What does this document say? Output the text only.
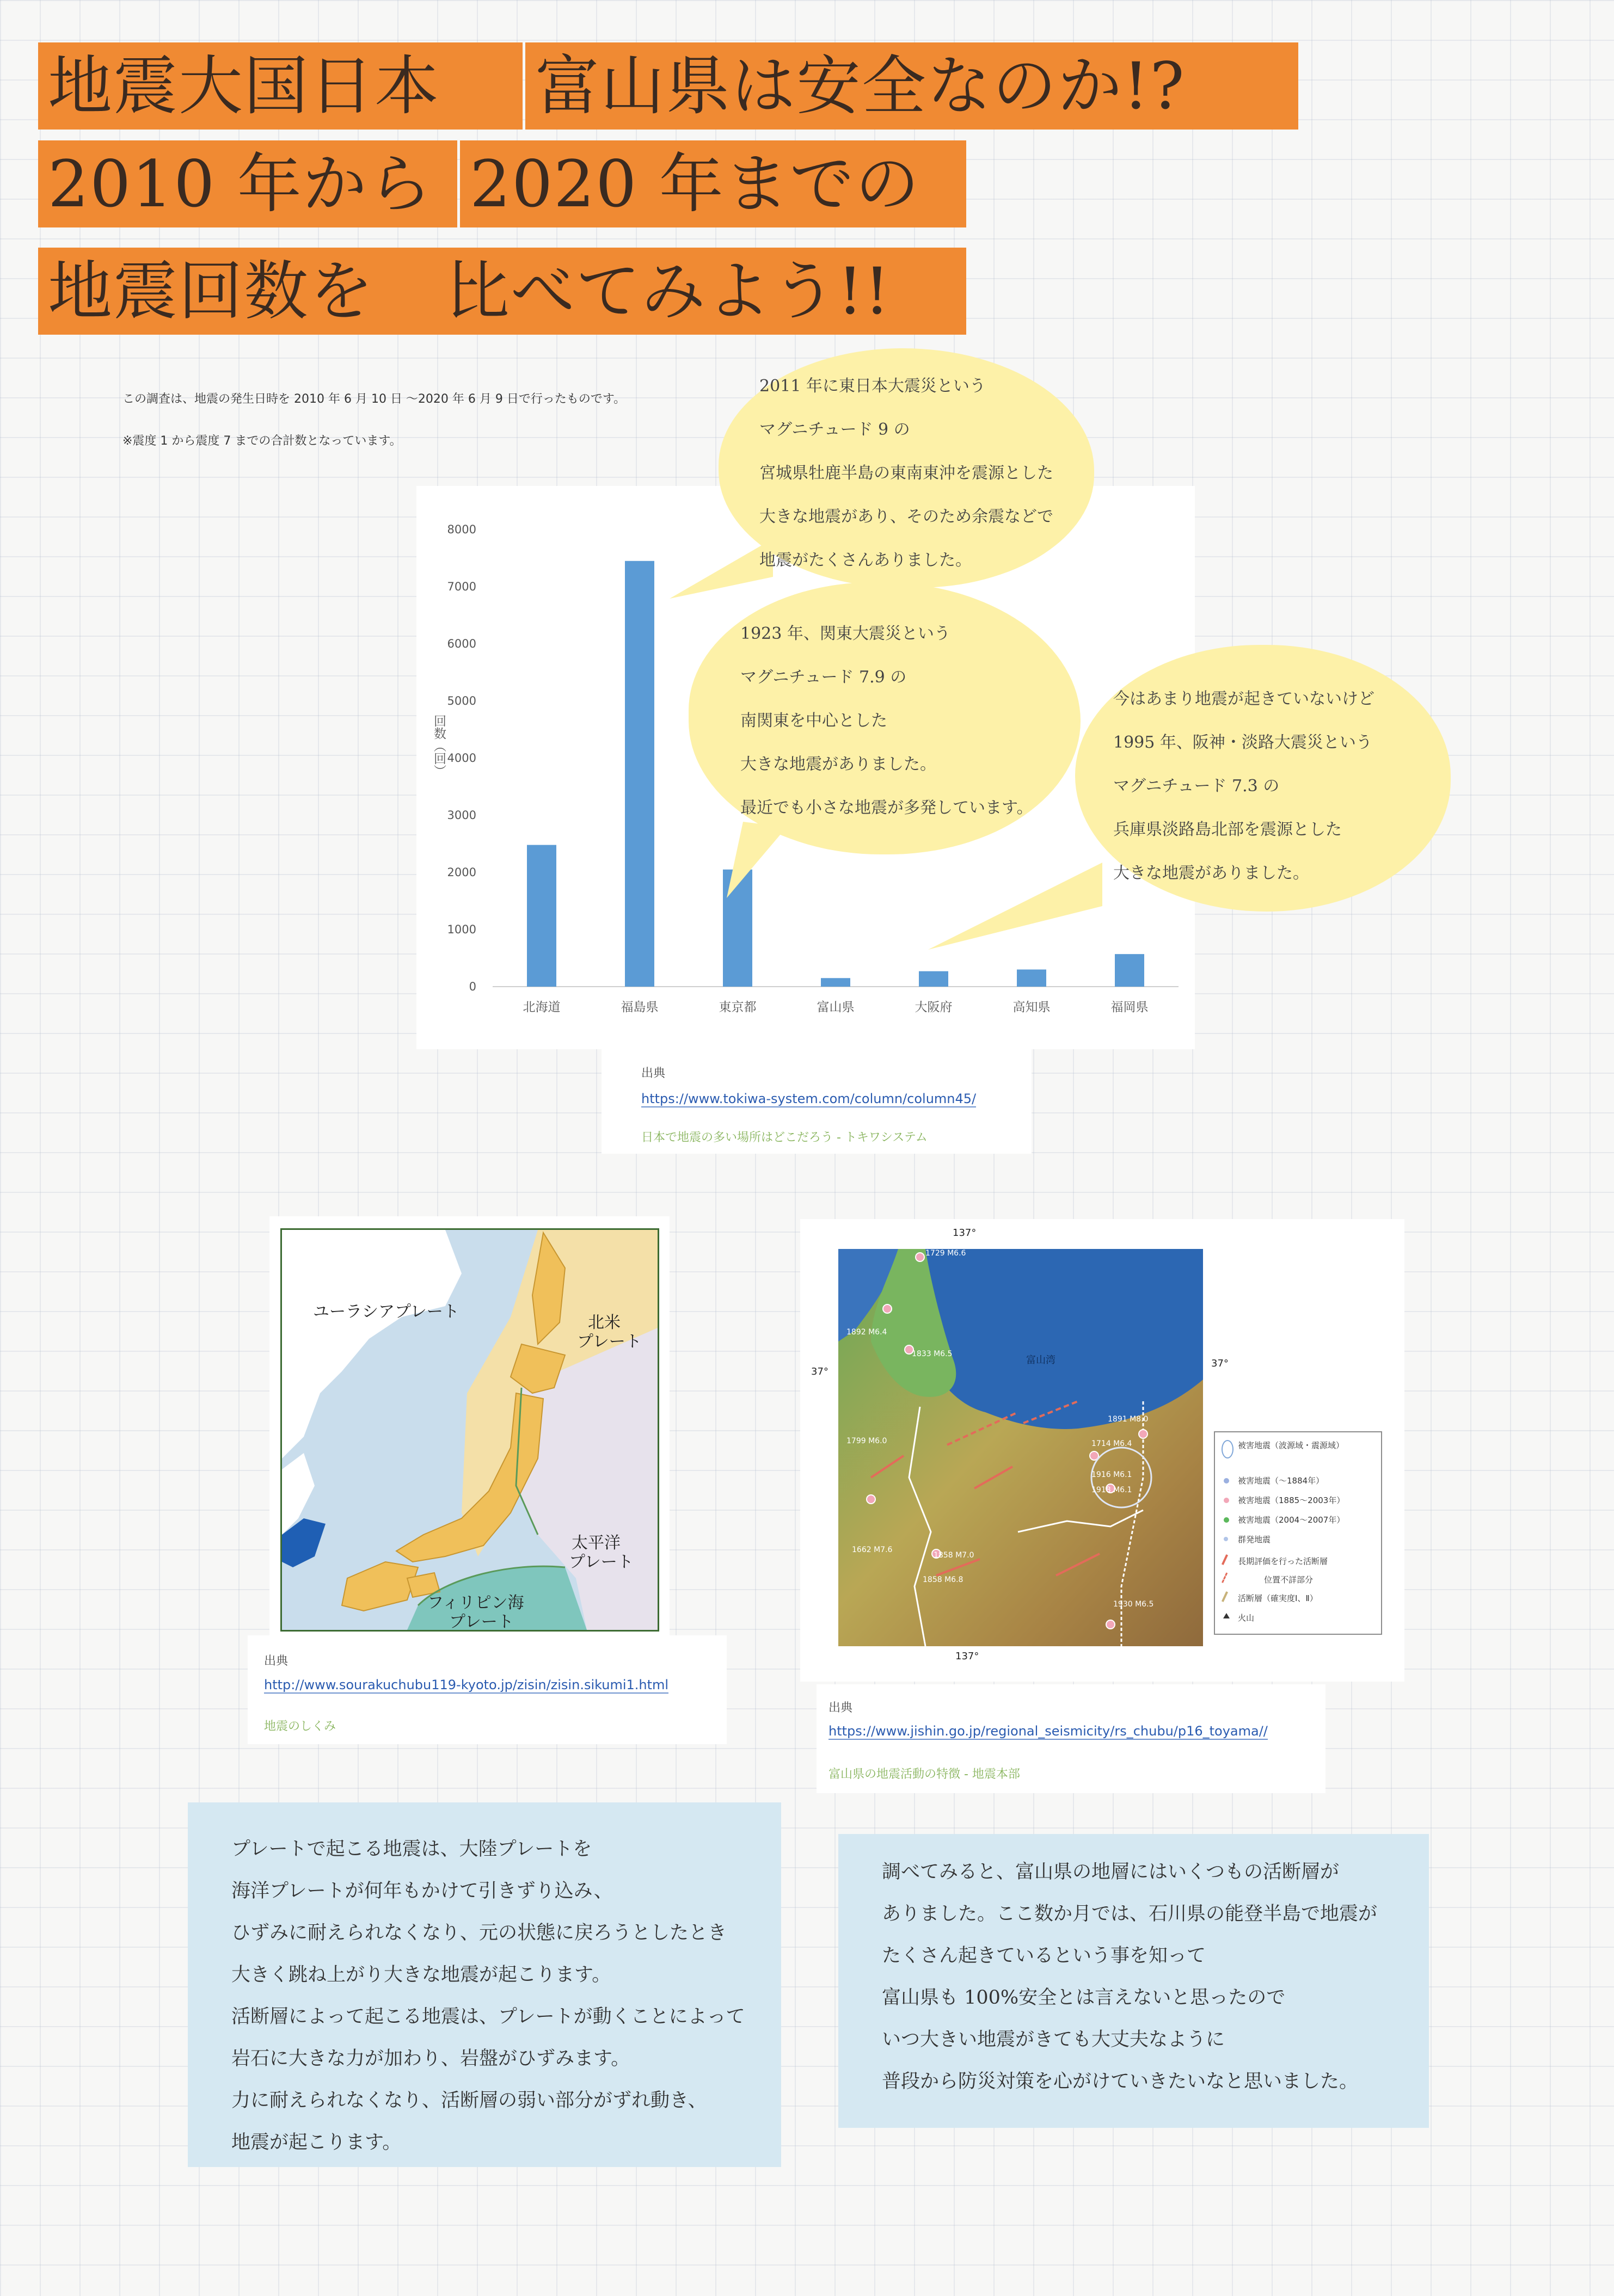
地震大国日本	富山県は安全なのか!?
2010 年から 2020 年までの
地震回数を	比べてみよう!!
この調査は、地震の発生日時を 2010 年 6 月 10 日 ～2020 年 6 月 9 日で行ったものです。
※震度 1 から震度 7 までの合計数となっています。
0
1000
2000
3000
4000
5000
6000
7000
8000
北海道	福島県	東京都	富山県	大阪府	高知県	福岡県
回数（回）
2011 年に東日本大震災という
マグニチュード 9 の
宮城県牡鹿半島の東南東沖を震源とした
大きな地震があり、そのため余震などで
地震がたくさんありました。
1923 年、関東大震災という
マグニチュード 7.9 の
南関東を中心とした
大きな地震がありました。
最近でも小さな地震が多発しています。
今はあまり地震が起きていないけど
1995 年、阪神・淡路大震災という
マグニチュード 7.3 の
兵庫県淡路島北部を震源とした
大きな地震がありました。
出典
https://www.tokiwa-system.com/column/column45/
日本で地震の多い場所はどこだろう - トキワシステム
ユーラシアプレート
北米
プレート
太平洋
プレート
フィリピン海
プレート
出典
http://www.sourakuchubu119-kyoto.jp/zisin/zisin.sikumi1.html
地震のしくみ
137°
137°
37°
37°
富山湾
1729 M6.6
1892 M6.4
1833 M6.5
1799 M6.0
1858 M7.0
1714 M6.4
1916 M6.1
1918 M6.1
1891 M8.0
1662 M7.6
1858 M6.8
1930 M6.5
被害地震（波源域・震源域）
被害地震（～1884年）
被害地震（1885～2003年）
被害地震（2004～2007年）
群発地震
長期評価を行った活断層
位置不詳部分
活断層（確実度Ⅰ、Ⅱ）
火山
出典
https://www.jishin.go.jp/regional_seismicity/rs_chubu/p16_toyama//
富山県の地震活動の特徴 - 地震本部
プレートで起こる地震は、大陸プレートを
海洋プレートが何年もかけて引きずり込み、
ひずみに耐えられなくなり、元の状態に戻ろうとしたとき
大きく跳ね上がり大きな地震が起こります。
活断層によって起こる地震は、プレートが動くことによって
岩石に大きな力が加わり、岩盤がひずみます。
力に耐えられなくなり、活断層の弱い部分がずれ動き、
地震が起こります。
調べてみると、富山県の地層にはいくつもの活断層が
ありました。ここ数か月では、石川県の能登半島で地震が
たくさん起きているという事を知って
富山県も 100%安全とは言えないと思ったので
いつ大きい地震がきても大丈夫なように
普段から防災対策を心がけていきたいなと思いました。
